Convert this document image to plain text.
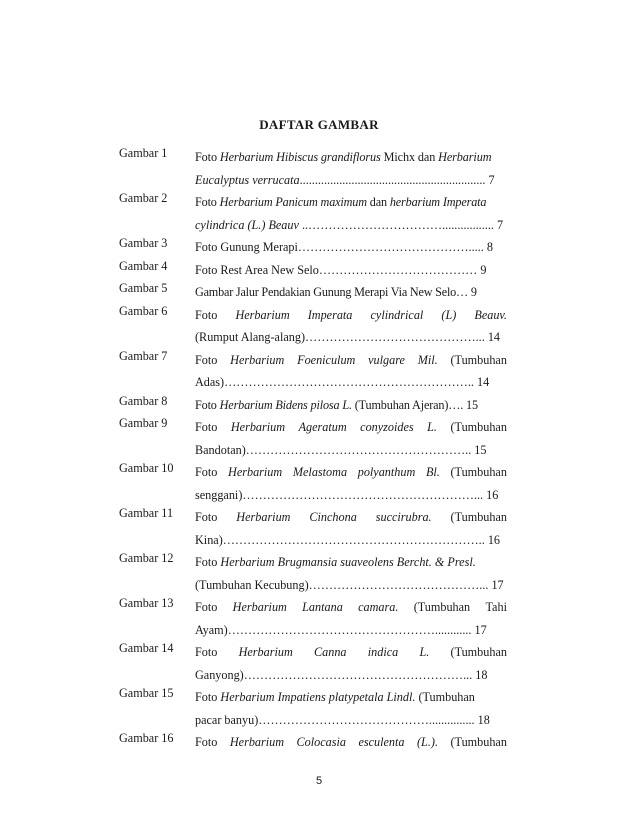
DAFTAR GAMBAR
Gambar 1 Foto Herbarium Hibiscus grandiflorus Michx dan Herbarium
Eucalyptus verrucata............................................................. 7
Gambar 2 Foto Herbarium Panicum maximum dan herbarium Imperata
cylindrica (L.) Beauv ..……………………………................. 7
Gambar 3 Foto Gunung Merapi……………………………………..... 8
Gambar 4 Foto Rest Area New Selo………………………………… 9
Gambar 5 Gambar Jalur Pendakian Gunung Merapi Via New Selo… 9
Gambar 6 Foto Herbarium Imperata cylindrical (L) Beauv.
(Rumput Alang-alang)……………………………………... 14
Gambar 7 Foto Herbarium Foeniculum vulgare Mil. (Tumbuhan
Adas)…………………………………………………….. 14
Gambar 8 Foto Herbarium Bidens pilosa L. (Tumbuhan Ajeran)…. 15
Gambar 9 Foto Herbarium Ageratum conyzoides L. (Tumbuhan
Bandotan)……………………………………………….. 15
Gambar 10 Foto Herbarium Melastoma polyanthum Bl. (Tumbuhan
senggani)…………………………………………………... 16
Gambar 11 Foto Herbarium Cinchona succirubra. (Tumbuhan
Kina)……………………………………………………….. 16
Gambar 12 Foto Herbarium Brugmansia suaveolens Bercht. & Presl.
(Tumbuhan Kecubung)……………………………………... 17
Gambar 13 Foto Herbarium Lantana camara. (Tumbuhan Tahi
Ayam)……………………………………………............ 17
Gambar 14 Foto Herbarium Canna indica L. (Tumbuhan
Ganyong)………………………………………………... 18
Gambar 15 Foto Herbarium Impatiens platypetala Lindl. (Tumbuhan
pacar banyu)……………………………………............... 18
Gambar 16 Foto Herbarium Colocasia esculenta (L.). (Tumbuhan
5
